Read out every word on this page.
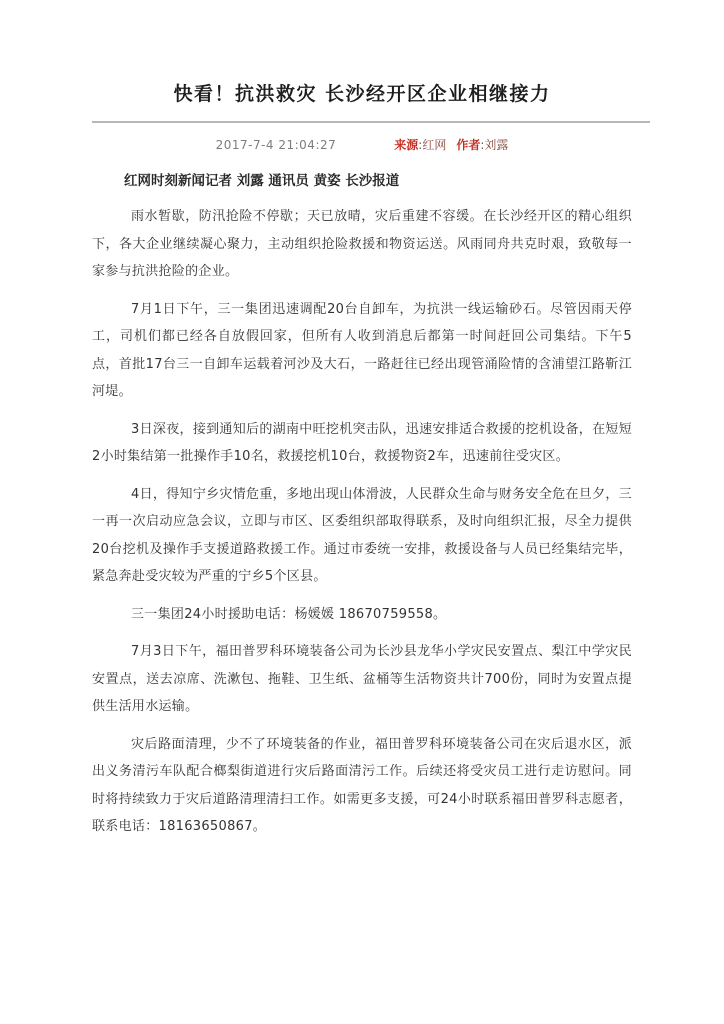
快看！抗洪救灾 长沙经开区企业相继接力
2017-7-4 21:04:27	来源:红网 作者:刘露

红网时刻新闻记者 刘露 通讯员 黄姿 长沙报道

雨水暂歇，防汛抢险不停歇；天已放晴，灾后重建不容缓。在长沙经开区的精心组织下，各大企业继续凝心聚力，主动组织抢险救援和物资运送。风雨同舟共克时艰，致敬每一家参与抗洪抢险的企业。

7月1日下午，三一集团迅速调配20台自卸车，为抗洪一线运输砂石。尽管因雨天停工，司机们都已经各自放假回家，但所有人收到消息后都第一时间赶回公司集结。下午5点，首批17台三一自卸车运载着河沙及大石，一路赶往已经出现管涌险情的含浦望江路靳江河堤。

3日深夜，接到通知后的湖南中旺挖机突击队，迅速安排适合救援的挖机设备，在短短2小时集结第一批操作手10名，救援挖机10台，救援物资2车，迅速前往受灾区。

4日，得知宁乡灾情危重，多地出现山体滑波，人民群众生命与财务安全危在旦夕，三一再一次启动应急会议，立即与市区、区委组织部取得联系，及时向组织汇报，尽全力提供20台挖机及操作手支援道路救援工作。通过市委统一安排，救援设备与人员已经集结完毕，紧急奔赴受灾较为严重的宁乡5个区县。

三一集团24小时援助电话：杨媛媛 18670759558。

7月3日下午，福田普罗科环境装备公司为长沙县龙华小学灾民安置点、梨江中学灾民安置点，送去凉席、洗漱包、拖鞋、卫生纸、盆桶等生活物资共计700份，同时为安置点提供生活用水运输。

灾后路面清理，少不了环境装备的作业，福田普罗科环境装备公司在灾后退水区，派出义务清污车队配合榔梨街道进行灾后路面清污工作。后续还将受灾员工进行走访慰问。同时将持续致力于灾后道路清理清扫工作。如需更多支援，可24小时联系福田普罗科志愿者，联系电话：18163650867。
